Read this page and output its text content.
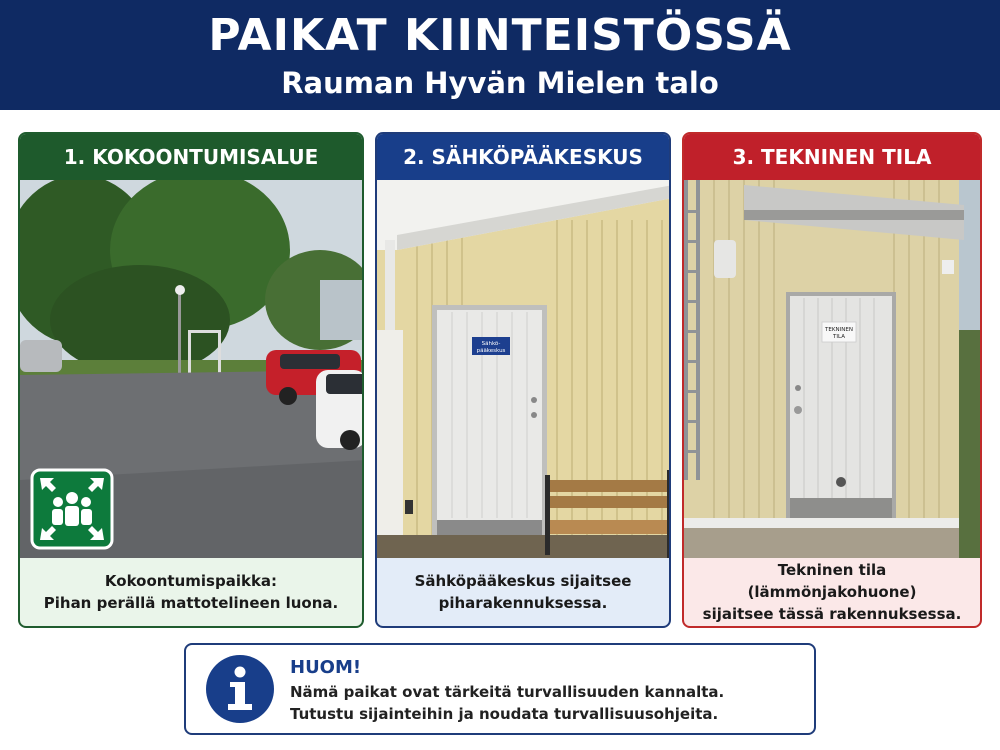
PAIKAT KIINTEISTÖSSÄ
Rauman Hyvän Mielen talo
1. KOKOONTUMISALUE
Kokoontumispaikka:
Pihan perällä mattotelineen luona.
2. SÄHKÖPÄÄKESKUS
Sähkö-
pääkeskus
Sähköpääkeskus sijaitsee
piharakennuksessa.
3. TEKNINEN TILA
TEKNINEN
TILA
Tekninen tila (lämmönjakohuone)
sijaitsee tässä rakennuksessa.
HUOM!
Nämä paikat ovat tärkeitä turvallisuuden kannalta.
Tutustu sijainteihin ja noudata turvallisuusohjeita.
